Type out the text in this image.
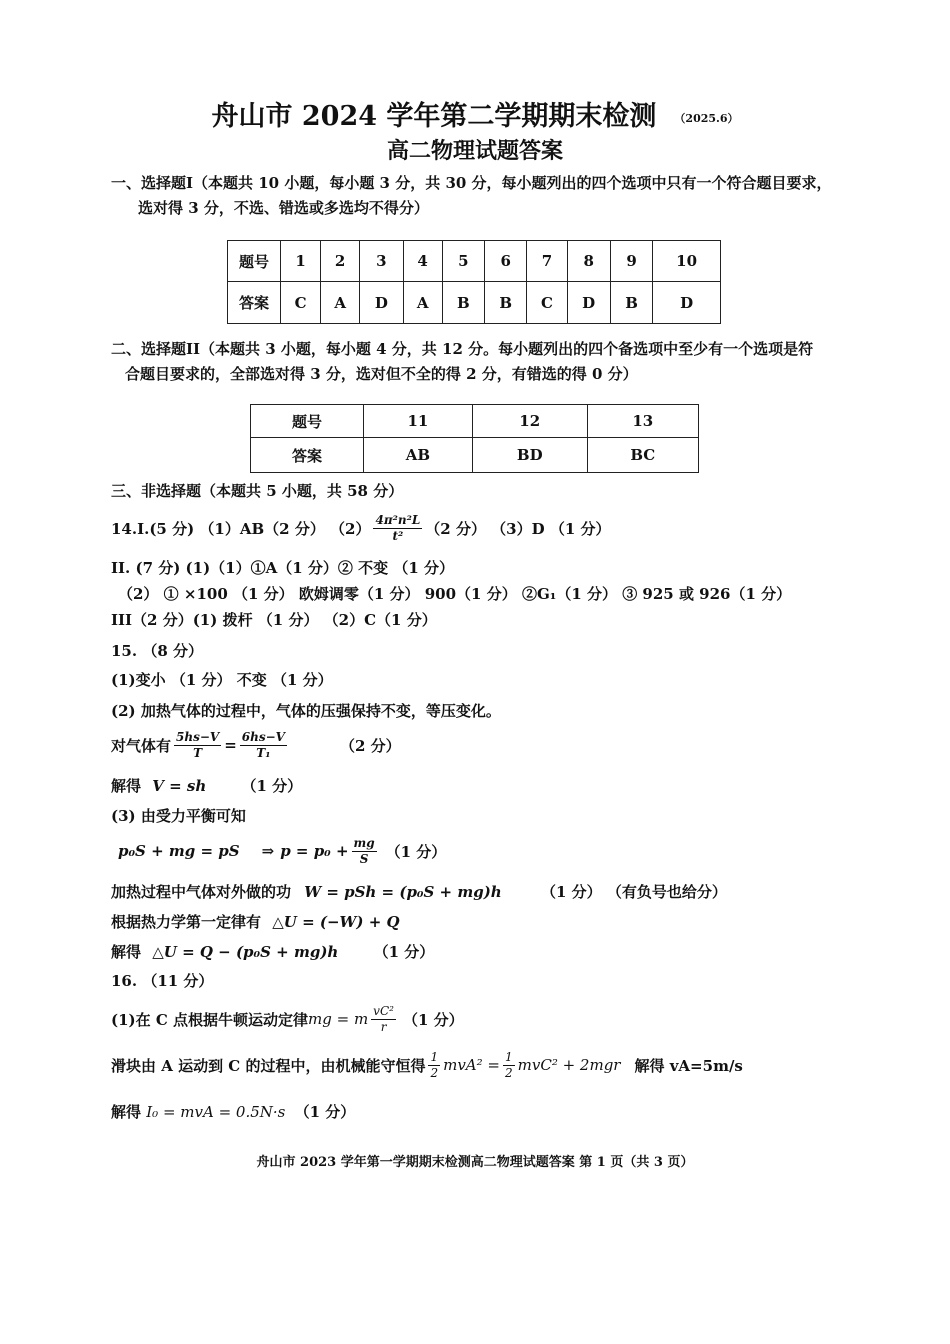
舟山市 2024 学年第二学期期末检测 （2025.6）
高二物理试题答案
一、选择题I（本题共 10 小题，每小题 3 分，共 30 分，每小题列出的四个选项中只有一个符合题目要求，
选对得 3 分，不选、错选或多选均不得分）
题号	1	2	3	4	5	6	7	8	9	10
答案	C	A	D	A	B	B	C	D	B	D
二、选择题II（本题共 3 小题，每小题 4 分，共 12 分。每小题列出的四个备选项中至少有一个选项是符
合题目要求的，全部选对得 3 分，选对但不全的得 2 分，有错选的得 0 分）
题号	11	12	13
答案	AB	BD	BC
三、非选择题（本题共 5 小题，共 58 分）
14.I.(5 分) （1）AB（2 分） $(2) \frac{\text{4π²n²L}}{\text{t²}} (2$ 分） （3）D （1 分）
II. (7 分) (1)（1）①A（1 分）② 不变 （1 分）
（2） ① ×100 （1 分） 欧姆调零（1 分） 900（1 分） ②G₁（1 分） ③ 925 或 926（1 分）
III（2 分）(1) 拨杆 （1 分） （2）C（1 分）
15. （8 分）
(1)变小 （1 分） 不变 （1 分）
(2) 加热气体的过程中，气体的压强保持不变，等压变化。
对气体有 $\frac{5hs-V}{T} = \frac{6hs-V}{\text{T₁}}$	（2 分）
解得 V = sh （1 分）
(3) 由受力平衡可知
p₀S + mg = pS ⇒ $p = p_0 + \frac{mg}{S} (1$ 分）
加热过程中气体对外做的功 W = pSh = (p₀S + mg)h	（1 分） （有负号也给分）
根据热力学第一定律有 △U = (−W) + Q
解得 △U = Q − (p₀S + mg)h （1 分）
16. （11 分）
(1)在 C 点根据牛顿运动定律 mg = m $\frac{\text{vC²}}{r} (1$ 分）
滑块由 A 运动到 C 的过程中，由机械能守恒得 $\frac{1}{2} mvA^2 = \frac{1}{2} mvC^2 + 2mgr$ 解得 vA=5m/s
解得 I₀ = mvA = 0.5N·s （1 分）
舟山市 2023 学年第一学期期末检测高二物理试题答案 第 1 页（共 3 页）
